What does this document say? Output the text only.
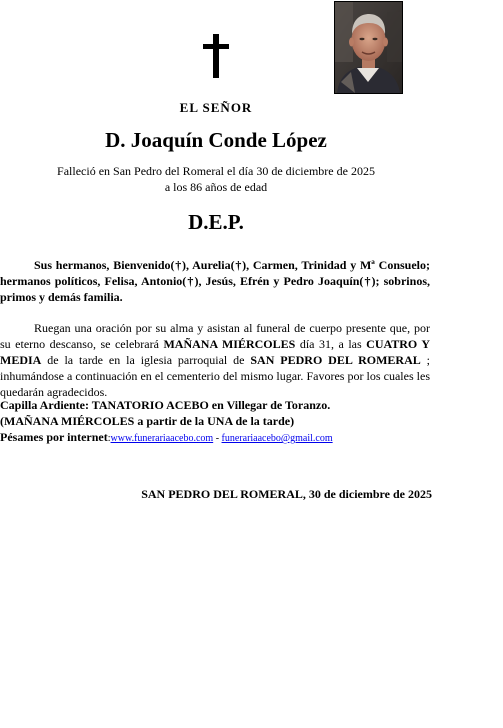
EL SEÑOR
D. Joaquín Conde López
Falleció en San Pedro del Romeral el día 30 de diciembre de 2025
a los 86 años de edad
D.E.P.
Sus hermanos, Bienvenido(†), Aurelia(†), Carmen, Trinidad y Mª Consuelo; hermanos políticos, Felisa, Antonio(†), Jesús, Efrén y Pedro Joaquín(†); sobrinos, primos y demás familia.
Ruegan una oración por su alma y asistan al funeral de cuerpo presente que, por su eterno descanso, se celebrará MAÑANA MIÉRCOLES día 31, a las CUATRO Y MEDIA de la tarde en la iglesia parroquial de SAN PEDRO DEL ROMERAL ; inhumándose a continuación en el cementerio del mismo lugar. Favores por los cuales les quedarán agradecidos.
Capilla Ardiente: TANATORIO ACEBO en Villegar de Toranzo.
(MAÑANA MIÉRCOLES a partir de la UNA de la tarde)
Pésames por internet:www.funerariaacebo.com - funerariaacebo@gmail.com
SAN PEDRO DEL ROMERAL, 30 de diciembre de 2025
